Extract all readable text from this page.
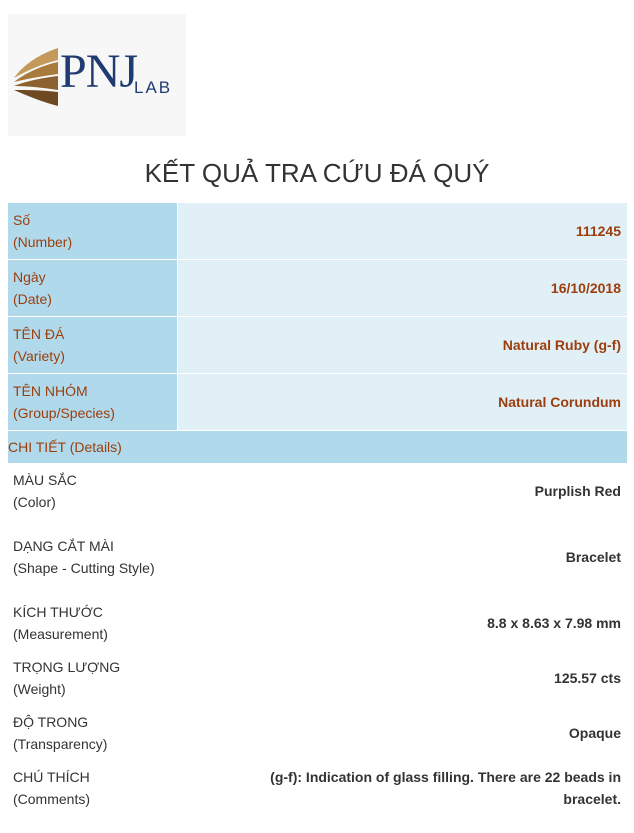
PNJ
LAB
KẾT QUẢ TRA CỨU ĐÁ QUÝ
Số
(Number)	111245

Ngày
(Date)	16/10/2018

TÊN ĐÁ
(Variety)	Natural Ruby (g-f)

TÊN NHÓM
(Group/Species)	Natural Corundum
CHI TIẾT (Details)	

MÀU SẮC
(Color)	Purplish Red

DẠNG CẮT MÀI
(Shape - Cutting Style)	Bracelet

KÍCH THƯỚC
(Measurement)	8.8 x 8.63 x 7.98 mm

TRỌNG LƯỢNG
(Weight)	125.57 cts

ĐỘ TRONG
(Transparency)	Opaque

CHÚ THÍCH
(Comments)	(g-f): Indication of glass filling. There are 22 beads in bracelet.
